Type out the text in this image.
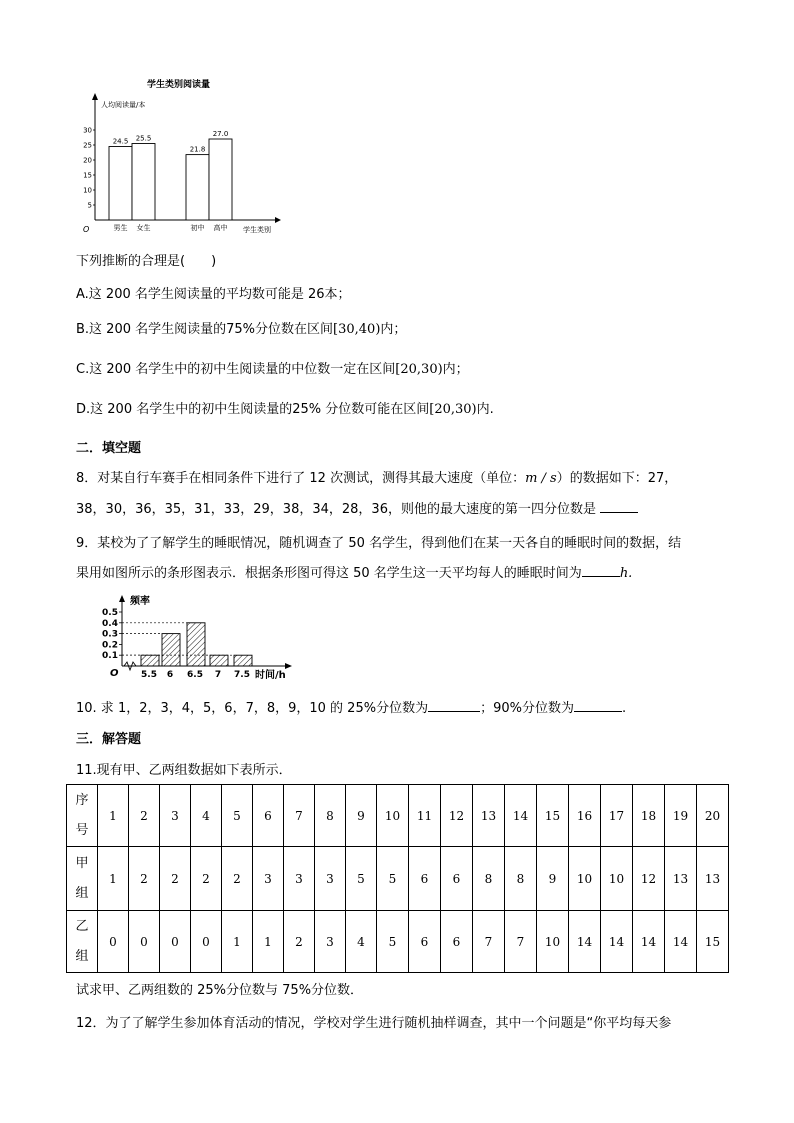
学生类别阅读量
人均阅读量/本
O	学生类别
5
10
15
20
25
30
24.5
男生
25.5
女生
21.8
初中
27.0
高中
下列推断的合理是(　　)
A.这 200 名学生阅读量的平均数可能是 26本；
B.这 200 名学生阅读量的75%分位数在区间[30,40)内；
C.这 200 名学生中的初中生阅读量的中位数一定在区间[20,30)内；
D.这 200 名学生中的初中生阅读量的25% 分位数可能在区间[20,30)内.
二．填空题
8．对某自行车赛手在相同条件下进行了 12 次测试，测得其最大速度（单位：m / s）的数据如下：27，
38，30，36，35，31，33，29，38，34，28，36，则他的最大速度的第一四分位数是
9．某校为了了解学生的睡眠情况，随机调查了 50 名学生，得到他们在某一天各自的睡眠时间的数据，结
果用如图所示的条形图表示．根据条形图可得这 50 名学生这一天平均每人的睡眠时间为	h.
频率
O	时间/h
0.1
0.2
0.3
0.4
0.5
5.5 6 6.5 7 7.5
10. 求 1，2，3，4，5，6，7，8，9，10 的 25%分位数为	；90%分位数为	.
三．解答题
11.现有甲、乙两组数据如下表所示．
序
号	1	2	3	4	5	6	7	8	9	10	11	12	13	14	15	16	17	18	19	20

甲
组	1	2	2	2	2	3	3	3	5	5	6	6	8	8	9	10	10	12	13	13

乙
组	0	0	0	0	1	1	2	3	4	5	6	6	7	7	10	14	14	14	14	15
试求甲、乙两组数的 25%分位数与 75%分位数．
12．为了了解学生参加体育活动的情况，学校对学生进行随机抽样调查，其中一个问题是“你平均每天参
